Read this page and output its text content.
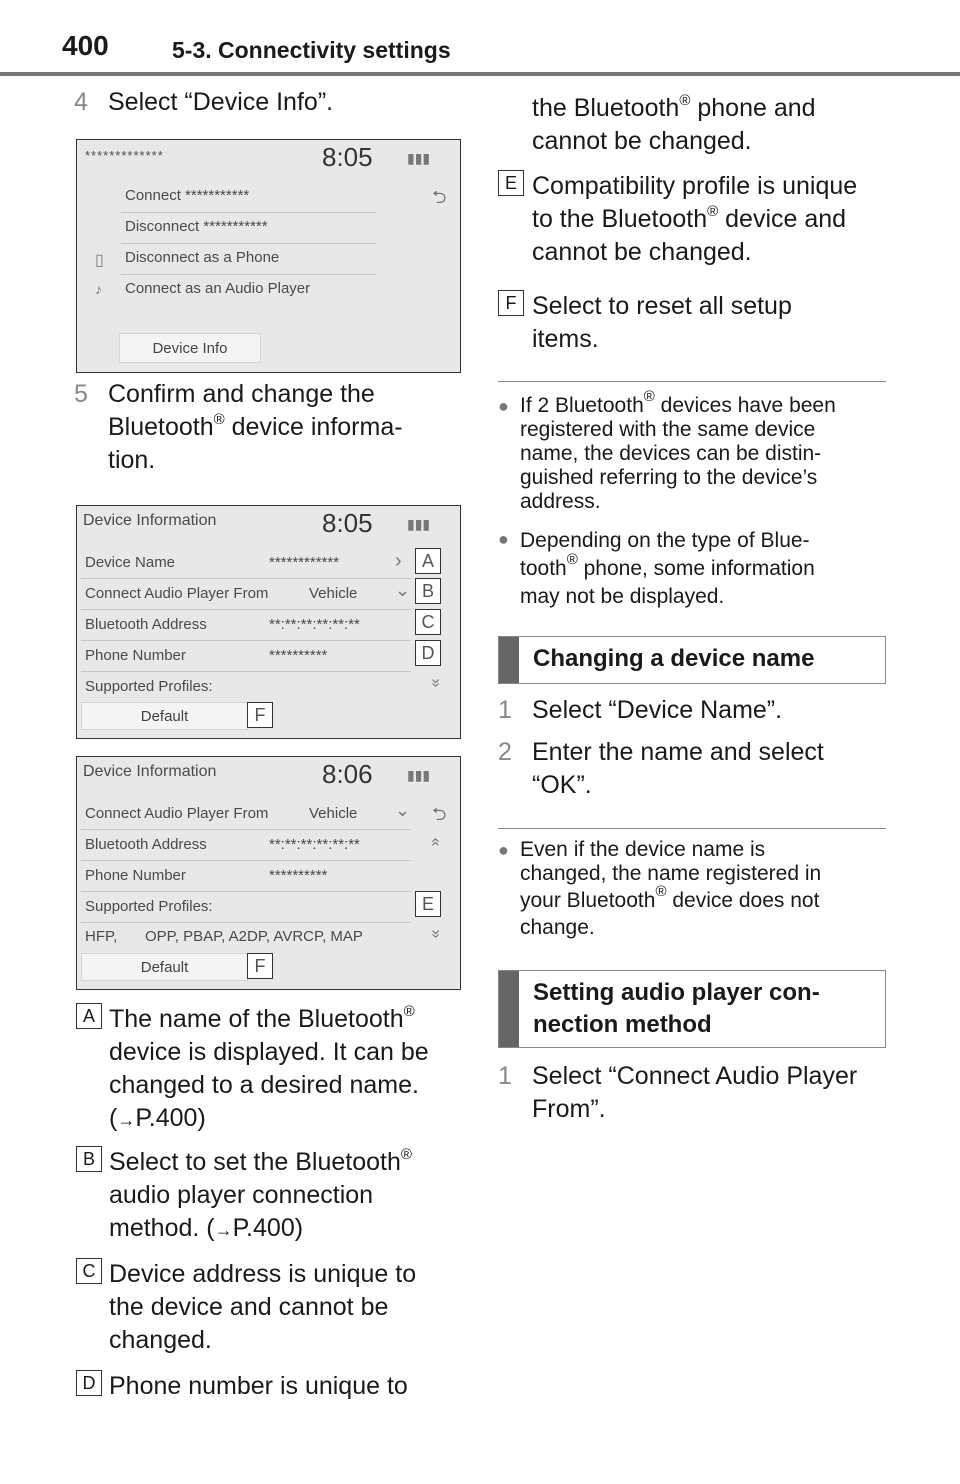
400	5-3. Connectivity settings
4 Select “Device Info”.
*************	8:05 ▮▮▮
⮌
Connect ***********
Disconnect ***********
▯ Disconnect as a Phone
♪ Connect as an Audio Player
Device Info
5 Confirm and change the
Bluetooth® device informa-
tion.
Device Information	8:05 ▮▮▮
Device Name	************	›
Connect Audio Player From	Vehicle ⌄
Bluetooth Address	**:**:**:**:**:**
Phone Number	**********
Supported Profiles:	»
Default
A
B
C
D
F
Device Information	8:06 ▮▮▮
⮌
Connect Audio Player From	Vehicle ⌄
Bluetooth Address	**:**:**:**:**:**	»
Phone Number	**********
Supported Profiles:
HFP, OPP, PBAP, A2DP, AVRCP, MAP	»
Default
E
F
A The name of the Bluetooth®
device is displayed. It can be
changed to a desired name.
(→P.400)
B Select to set the Bluetooth®
audio player connection
method. (→P.400)
C Device address is unique to
the device and cannot be
changed.
D Phone number is unique to
the Bluetooth® phone and
cannot be changed.
E Compatibility profile is unique
to the Bluetooth® device and
cannot be changed.
F Select to reset all setup
items.
● If 2 Bluetooth® devices have been
registered with the same device
name, the devices can be distin-
guished referring to the device’s
address.
● Depending on the type of Blue-
tooth® phone, some information
may not be displayed.
Changing a device name
1 Select “Device Name”.
2 Enter the name and select
“OK”.
● Even if the device name is
changed, the name registered in
your Bluetooth® device does not
change.
Setting audio player con-
nection method
1 Select “Connect Audio Player
From”.
